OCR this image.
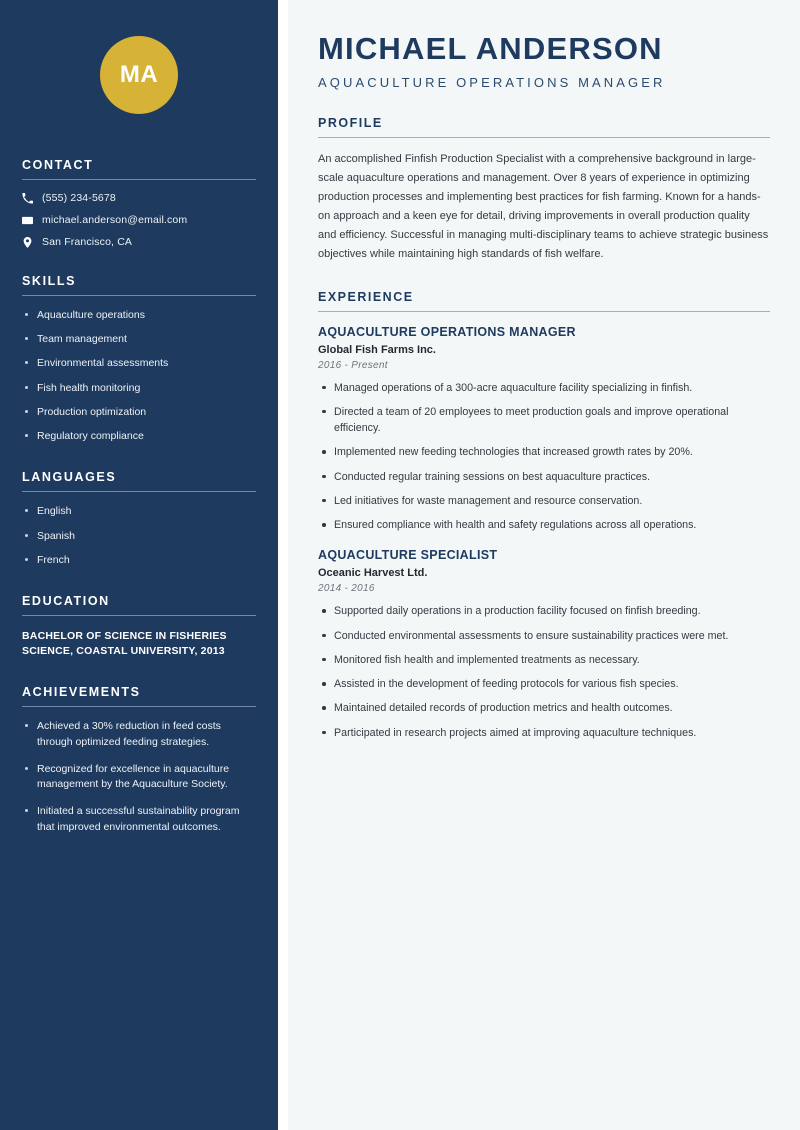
MA
CONTACT
(555) 234-5678
michael.anderson@email.com
San Francisco, CA
SKILLS
Aquaculture operations
Team management
Environmental assessments
Fish health monitoring
Production optimization
Regulatory compliance
LANGUAGES
English
Spanish
French
EDUCATION
BACHELOR OF SCIENCE IN FISHERIES SCIENCE, COASTAL UNIVERSITY, 2013
ACHIEVEMENTS
Achieved a 30% reduction in feed costs through optimized feeding strategies.
Recognized for excellence in aquaculture management by the Aquaculture Society.
Initiated a successful sustainability program that improved environmental outcomes.
MICHAEL ANDERSON
AQUACULTURE OPERATIONS MANAGER
PROFILE

An accomplished Finfish Production Specialist with a comprehensive background in large-scale aquaculture operations and management. Over 8 years of experience in optimizing production processes and implementing best practices for fish farming. Known for a hands-on approach and a keen eye for detail, driving improvements in overall production quality and efficiency. Successful in managing multi-disciplinary teams to achieve strategic business objectives while maintaining high standards of fish welfare.

EXPERIENCE
AQUACULTURE OPERATIONS MANAGER
Global Fish Farms Inc.
2016 - Present
Managed operations of a 300-acre aquaculture facility specializing in finfish.
Directed a team of 20 employees to meet production goals and improve operational efficiency.
Implemented new feeding technologies that increased growth rates by 20%.
Conducted regular training sessions on best aquaculture practices.
Led initiatives for waste management and resource conservation.
Ensured compliance with health and safety regulations across all operations.
AQUACULTURE SPECIALIST
Oceanic Harvest Ltd.
2014 - 2016
Supported daily operations in a production facility focused on finfish breeding.
Conducted environmental assessments to ensure sustainability practices were met.
Monitored fish health and implemented treatments as necessary.
Assisted in the development of feeding protocols for various fish species.
Maintained detailed records of production metrics and health outcomes.
Participated in research projects aimed at improving aquaculture techniques.
